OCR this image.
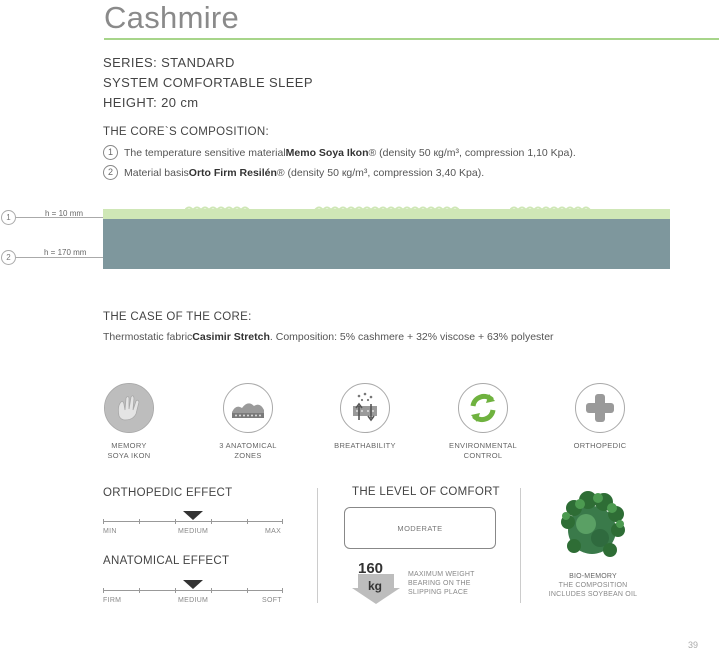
Cashmire
SERIES: STANDARD
SYSTEM COMFORTABLE SLEEP
HEIGHT: 20 cm
THE CORE`S COMPOSITION:
1	The temperature sensitive material Memo Soya Ikon ® (density 50 кg/m³, compression 1,10 Kpa).
2	Material basis Orto Firm Resilén ® (density 50 кg/m³, compression 3,40 Kpa).
1	h = 10 mm
2
h = 170 mm
THE CASE OF THE CORE:
Thermostatic fabric Casimir Stretch . Composition: 5% cashmere + 32% viscose + 63% polyester
MEMORY
SOYA IKON
3 ANATOMICAL
ZONES
BREATHABILITY	ENVIRONMENTAL
CONTROL
ORTHOPEDIC
ORTHOPEDIC EFFECT
MIN	MEDIUM	MAX
ANATOMICAL EFFECT
FIRM	MEDIUM	SOFT
THE LEVEL OF COMFORT
MODERATE
160
kg
MAXIMUM WEIGHT
BEARING ON THE
SLIPPING PLACE
BIO-MEMORY
THE COMPOSITION
INCLUDES SOYBEAN OIL
39
